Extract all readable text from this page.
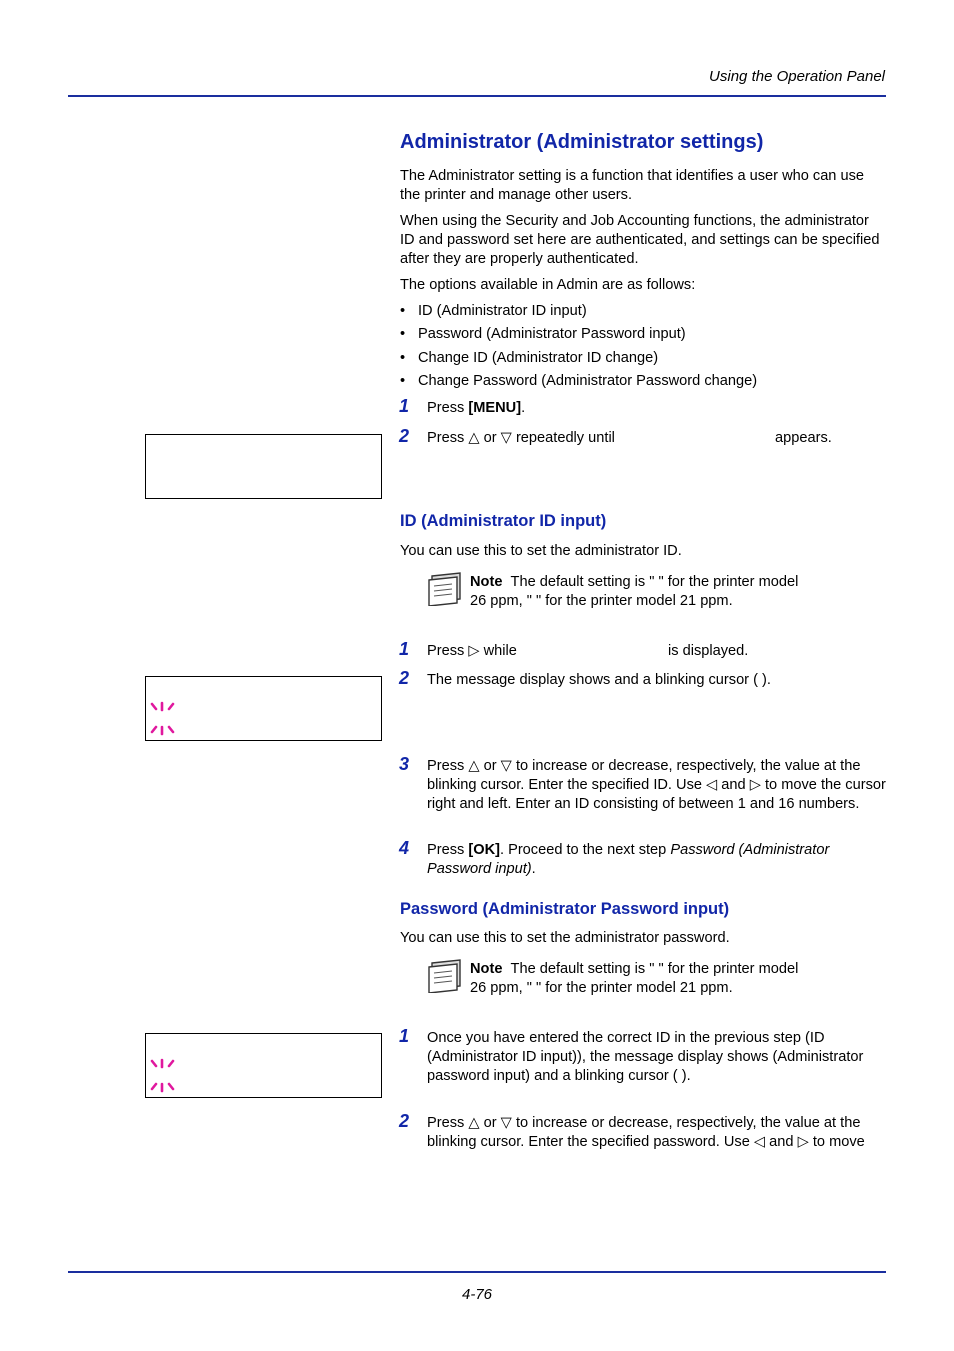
Using the Operation Panel
Administrator (Administrator settings)
The Administrator setting is a function that identifies a user who can use the printer and manage other users.
When using the Security and Job Accounting functions, the administrator ID and password set here are authenticated, and settings can be specified after they are properly authenticated.
The options available in Admin are as follows:
• ID (Administrator ID input)
• Password (Administrator Password input)
• Change ID (Administrator ID change)
• Change Password (Administrator Password change)
1 Press [MENU].
2 Press △ or ▽ repeatedly until	appears.
ID (Administrator ID input)
You can use this to set the administrator ID.
Note The default setting is " " for the printer model
26 ppm, " " for the printer model 21 ppm.
1 Press ▷ while	is displayed.
2 The message display shows and a blinking cursor ( ).
3 Press △ or ▽ to increase or decrease, respectively, the value at the blinking cursor. Enter the specified ID. Use ◁ and ▷ to move the cursor right and left. Enter an ID consisting of between 1 and 16 numbers.
4 Press [OK]. Proceed to the next step Password (Administrator Password input).
Password (Administrator Password input)
You can use this to set the administrator password.
Note The default setting is " " for the printer model
26 ppm, " " for the printer model 21 ppm.
1 Once you have entered the correct ID in the previous step (ID (Administrator ID input)), the message display shows (Administrator password input) and a blinking cursor ( ).
2 Press △ or ▽ to increase or decrease, respectively, the value at the blinking cursor. Enter the specified password. Use ◁ and ▷ to move
4-76
